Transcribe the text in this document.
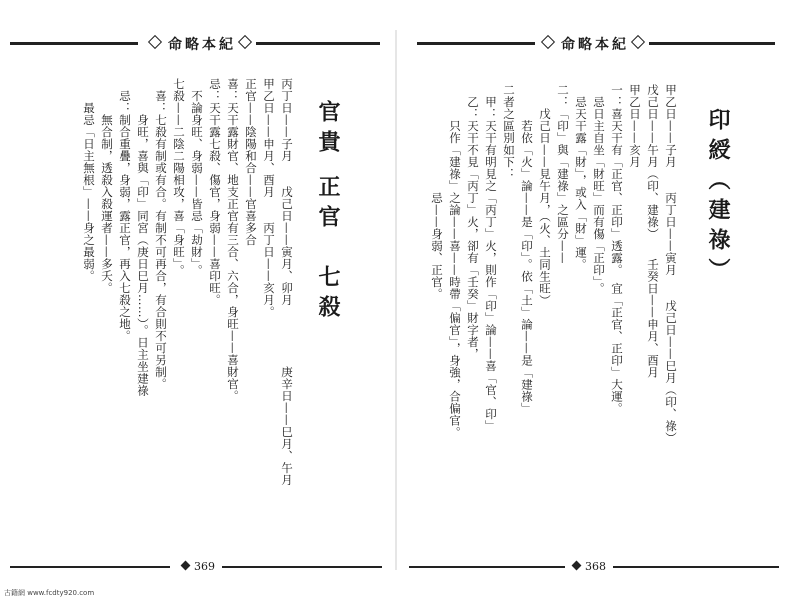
命略本紀
官貴
正官　七殺
丙丁日——子月　　戊己日——寅月、卯月　　　　　庚辛日——巳月、午月
甲乙日——申月、酉月　　丙丁日——亥月。
正官——陰陽和合——官喜多合
喜：天干露財官、地支正官有三合、六合，身旺——喜財官。
忌：天干露七殺、傷官，身弱——喜印旺。
不論身旺、身弱——皆忌「劫財」。
七殺——二陰二陽相攻，喜「身旺」。
喜：七殺有制或有合。有制不可再合，有合則不可另制。
身旺，喜與「印」同宮（庚日巳月……）。日主坐建祿
忌：制合重疊，身弱，露正官，再入七殺之地。
無合制，透殺入殺運者——多夭。
最忌「日主無根」——身之最弱。
369
命略本紀
印綬（建祿）
甲乙日——子月　　丙丁日——寅月　　戊己日——巳月（印、祿）
戊己日——午月（印、建祿）　　壬癸日——申月、酉月
甲乙日——亥月
一：喜天干有「正官、正印」透露。　宜「正官、正印」大運。
忌日主自坐「財旺」而有傷「正印」。
忌天干露「財」，或入「財」運。
二：「印」與「建祿」之區分——
戊己日——見午月，（火、土同生旺）
若依「火」論——是「印」。依「土」論——是「建祿」
二者之區別如下：
甲：天干有明見之「丙丁」火，則作「印」論——喜「官、印」
乙：天干不見「丙丁」火，卻有「壬癸」財字者，
只作「建祿」之論——喜——時帶「偏官」，身強，合偏官。
忌——身弱、正官。
368
古籍網 www.fcdty920.com
